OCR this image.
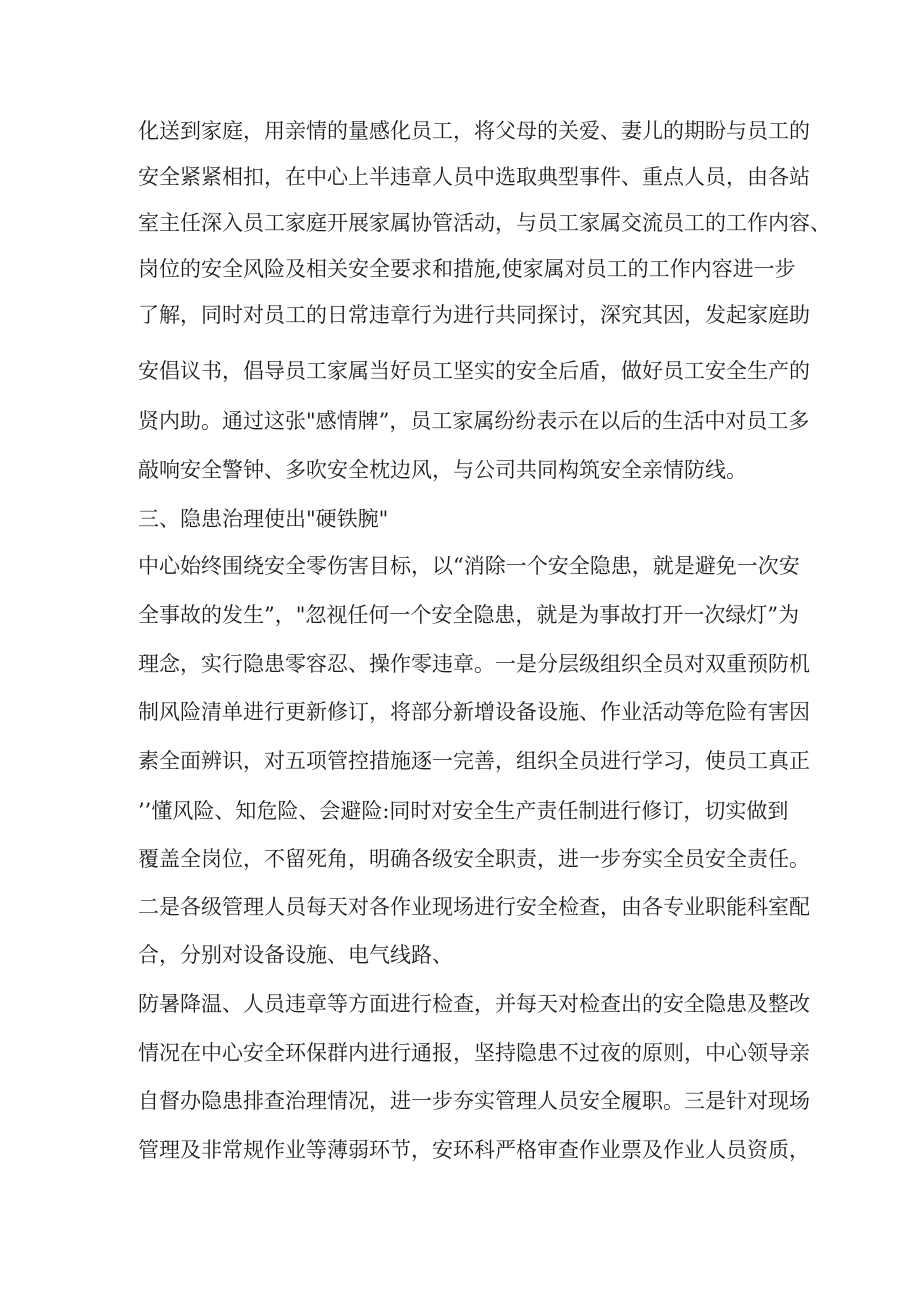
化送到家庭，用亲情的量感化员工，将父母的关爱、妻儿的期盼与员工的

安全紧紧相扣，在中心上半违章人员中选取典型事件、重点人员，由各站

室主任深入员工家庭开展家属协管活动，与员工家属交流员工的工作内容、

岗位的安全风险及相关安全要求和措施,使家属对员工的工作内容进一步

了解，同时对员工的日常违章行为进行共同探讨，深究其因，发起家庭助

安倡议书，倡导员工家属当好员工坚实的安全后盾，做好员工安全生产的

贤内助。通过这张"感情牌”，员工家属纷纷表示在以后的生活中对员工多

敲响安全警钟、多吹安全枕边风，与公司共同构筑安全亲情防线。

三、隐患治理使出"硬铁腕"

中心始终围绕安全零伤害目标，以“消除一个安全隐患，就是避免一次安

全事故的发生”，"忽视任何一个安全隐患，就是为事故打开一次绿灯”为

理念，实行隐患零容忍、操作零违章。一是分层级组织全员对双重预防机

制风险清单进行更新修订，将部分新增设备设施、作业活动等危险有害因

素全面辨识，对五项管控措施逐一完善，组织全员进行学习，使员工真正

’’懂风险、知危险、会避险:同时对安全生产责任制进行修订，切实做到

覆盖全岗位，不留死角，明确各级安全职责，进一步夯实全员安全责任。

二是各级管理人员每天对各作业现场进行安全检查，由各专业职能科室配

合，分别对设备设施、电气线路、

防暑降温、人员违章等方面进行检查，并每天对检查出的安全隐患及整改

情况在中心安全环保群内进行通报，坚持隐患不过夜的原则，中心领导亲

自督办隐患排查治理情况，进一步夯实管理人员安全履职。三是针对现场

管理及非常规作业等薄弱环节，安环科严格审查作业票及作业人员资质，
